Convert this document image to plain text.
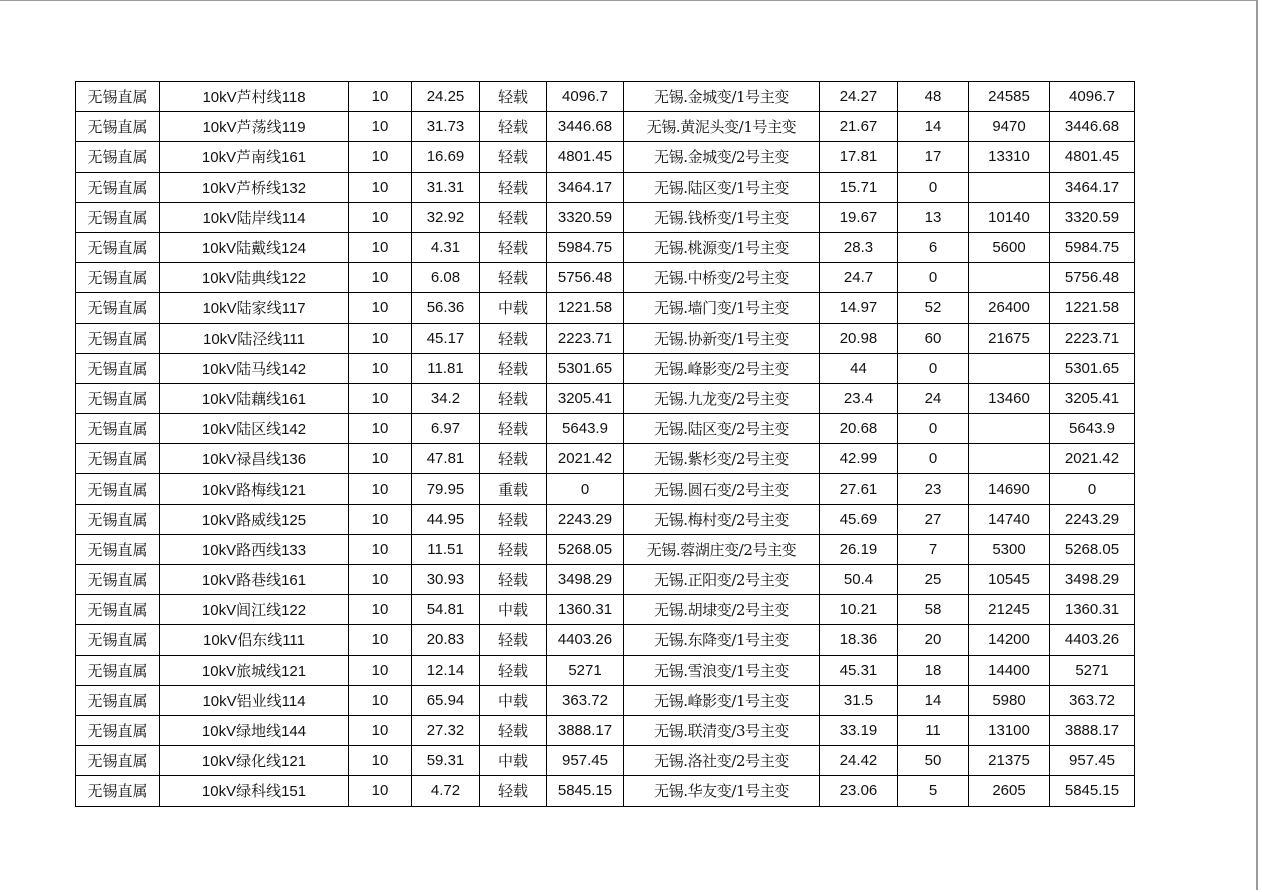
无锡直属	10kV芦村线118	10	24.25	轻载	4096.7	无锡.金城变/1号主变	24.27	48	24585	4096.7
无锡直属	10kV芦荡线119	10	31.73	轻载	3446.68	无锡.黄泥头变/1号主变	21.67	14	9470	3446.68
无锡直属	10kV芦南线161	10	16.69	轻载	4801.45	无锡.金城变/2号主变	17.81	17	13310	4801.45
无锡直属	10kV芦桥线132	10	31.31	轻载	3464.17	无锡.陆区变/1号主变	15.71	0		3464.17
无锡直属	10kV陆岸线114	10	32.92	轻载	3320.59	无锡.钱桥变/1号主变	19.67	13	10140	3320.59
无锡直属	10kV陆戴线124	10	4.31	轻载	5984.75	无锡.桃源变/1号主变	28.3	6	5600	5984.75
无锡直属	10kV陆典线122	10	6.08	轻载	5756.48	无锡.中桥变/2号主变	24.7	0		5756.48
无锡直属	10kV陆家线117	10	56.36	中载	1221.58	无锡.墙门变/1号主变	14.97	52	26400	1221.58
无锡直属	10kV陆泾线111	10	45.17	轻载	2223.71	无锡.协新变/1号主变	20.98	60	21675	2223.71
无锡直属	10kV陆马线142	10	11.81	轻载	5301.65	无锡.峰影变/2号主变	44	0		5301.65
无锡直属	10kV陆藕线161	10	34.2	轻载	3205.41	无锡.九龙变/2号主变	23.4	24	13460	3205.41
无锡直属	10kV陆区线142	10	6.97	轻载	5643.9	无锡.陆区变/2号主变	20.68	0		5643.9
无锡直属	10kV禄昌线136	10	47.81	轻载	2021.42	无锡.紫杉变/2号主变	42.99	0		2021.42
无锡直属	10kV路梅线121	10	79.95	重载	0	无锡.圆石变/2号主变	27.61	23	14690	0
无锡直属	10kV路威线125	10	44.95	轻载	2243.29	无锡.梅村变/2号主变	45.69	27	14740	2243.29
无锡直属	10kV路西线133	10	11.51	轻载	5268.05	无锡.蓉湖庄变/2号主变	26.19	7	5300	5268.05
无锡直属	10kV路巷线161	10	30.93	轻载	3498.29	无锡.正阳变/2号主变	50.4	25	10545	3498.29
无锡直属	10kV闾江线122	10	54.81	中载	1360.31	无锡.胡埭变/2号主变	10.21	58	21245	1360.31
无锡直属	10kV侣东线111	10	20.83	轻载	4403.26	无锡.东降变/1号主变	18.36	20	14200	4403.26
无锡直属	10kV旅城线121	10	12.14	轻载	5271	无锡.雪浪变/1号主变	45.31	18	14400	5271
无锡直属	10kV铝业线114	10	65.94	中载	363.72	无锡.峰影变/1号主变	31.5	14	5980	363.72
无锡直属	10kV绿地线144	10	27.32	轻载	3888.17	无锡.联清变/3号主变	33.19	11	13100	3888.17
无锡直属	10kV绿化线121	10	59.31	中载	957.45	无锡.洛社变/2号主变	24.42	50	21375	957.45
无锡直属	10kV绿科线151	10	4.72	轻载	5845.15	无锡.华友变/1号主变	23.06	5	2605	5845.15
